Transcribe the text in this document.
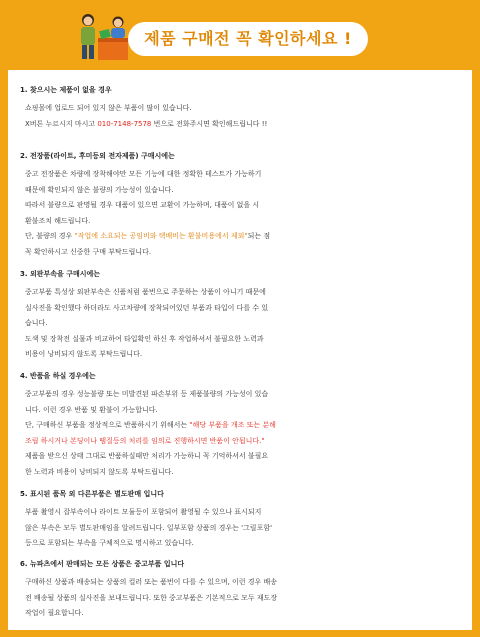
제품 구매전 꼭 확인하세요 !
1. 찾으시는 제품이 없을 경우
쇼핑몰에 업로드 되어 있지 않은 부품이 많이 있습니다.
X버튼 누르시지 마시고 010-7148-7578 번으로 전화주시면 확인해드립니다 !!
2. 전장품(라이트, 후미등외 전자제품) 구매시에는
중고 전장품은 차량에 장착해야만 모든 기능에 대한 정확한 테스트가 가능하기
때문에 확인되지 않은 불량의 가능성이 있습니다.
따라서 불량으로 판명될 경우 대품이 있으면 교환이 가능하며, 대품이 없을 시
환불조치 해드립니다.
단, 불량의 경우 "작업에 소요되는 공임비와 택배비는 환불비용에서 제외"되는 점
꼭 확인하시고 신중한 구매 부탁드립니다.
3. 외판부속을 구매시에는
중고부품 특성상 외판부속은 신품처럼 품번으로 주문하는 상품이 아니기 때문에
실사진을 확인했다 하더라도 사고차량에 장착되어있던 부품과 타입이 다를 수 있
습니다.
도색 및 장착전 실물과 비교하여 타입확인 하신 후 작업하셔서 불필요한 노력과
비용이 낭비되지 않도록 부탁드립니다.
4. 반품을 하실 경우에는
중고부품의 경우 성능불량 또는 미발견된 파손부위 등 제품불량의 가능성이 있습
니다. 이런 경우 반품 및 환불이 가능합니다.
단, 구매하신 부품을 정상적으로 반품하시기 위해서는 "해당 부품을 개조 또는 분해
조립 하시거나 본딩이나 땜질등의 처리를 임의로 진행하시면 반품이 안됩니다."
제품을 받으신 상태 그대로 반품하실때만 처리가 가능하니 꼭 기억하셔서 불필요
한 노력과 비용이 낭비되지 않도록 부탁드립니다.
5. 표시된 품목 외 다른부품은 별도판매 입니다
부품 촬영시 잡부속이나 라이트 모듈등이 포함되어 촬영될 수 있으나 표시되지
않은 부속은 모두 별도판매임을 알려드립니다. 일부포함 상품의 경우는 '그릴포함'
등으로 포함되는 부속을 구체적으로 명시하고 있습니다.
6. 뉴파츠에서 판매되는 모든 상품은 중고부품 입니다
구매하신 상품과 배송되는 상품의 컬러 또는 품번이 다를 수 있으며, 이런 경우 배송
전 배송될 상품의 실사진을 보내드립니다. 또한 중고부품은 기본적으로 모두 재도장
작업이 필요합니다.
